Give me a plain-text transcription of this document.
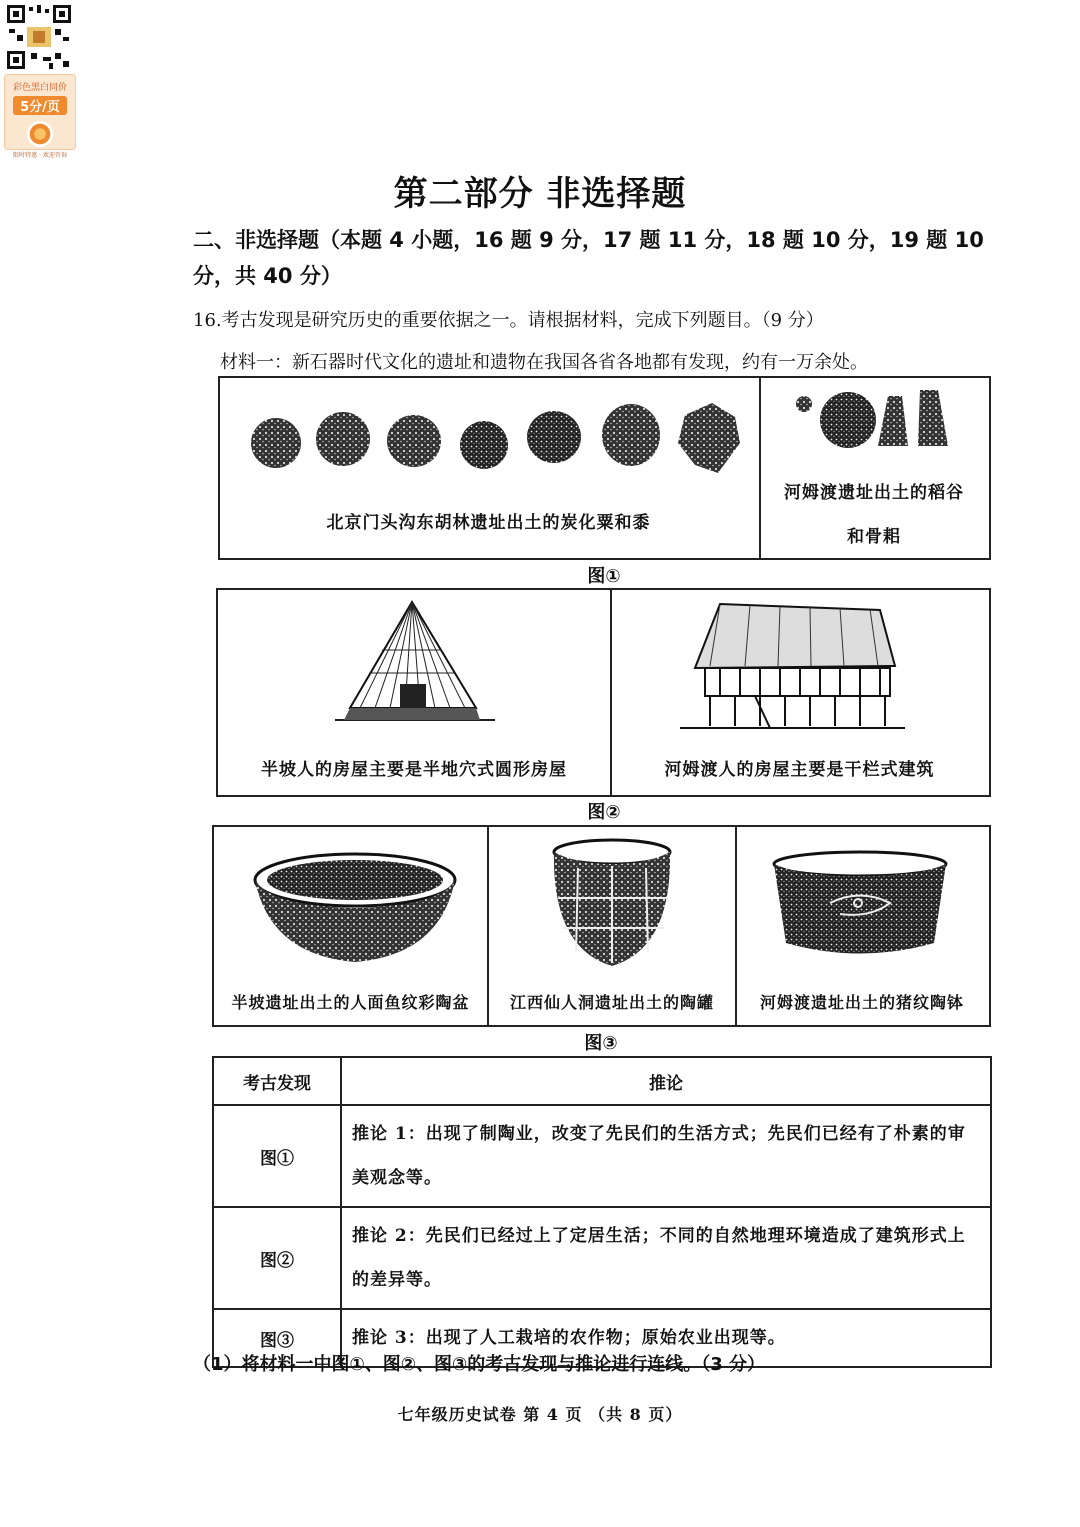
彩色黑白同价
5分/页
限时特惠 · 欢迎咨询
第二部分 非选择题
二、非选择题（本题 4 小题，16 题 9 分，17 题 11 分，18 题 10 分，19 题 10 分，共 40 分）
16.考古发现是研究历史的重要依据之一。请根据材料，完成下列题目。（9 分）
材料一：新石器时代文化的遗址和遗物在我国各省各地都有发现，约有一万余处。
北京门头沟东胡林遗址出土的炭化粟和黍
河姆渡遗址出土的稻谷
和骨耜
图①
半坡人的房屋主要是半地穴式圆形房屋	河姆渡人的房屋主要是干栏式建筑
图②
半坡遗址出土的人面鱼纹彩陶盆	江西仙人洞遗址出土的陶罐	河姆渡遗址出土的猪纹陶钵
图③
考古发现	推论
图①	推论 1：出现了制陶业，改变了先民们的生活方式；先民们已经有了朴素的审美观念等。
图②	推论 2：先民们已经过上了定居生活；不同的自然地理环境造成了建筑形式上的差异等。
图③	推论 3：出现了人工栽培的农作物；原始农业出现等。
（1）将材料一中图①、图②、图③的考古发现与推论进行连线。（3 分）
七年级历史试卷 第 4 页 （共 8 页）
